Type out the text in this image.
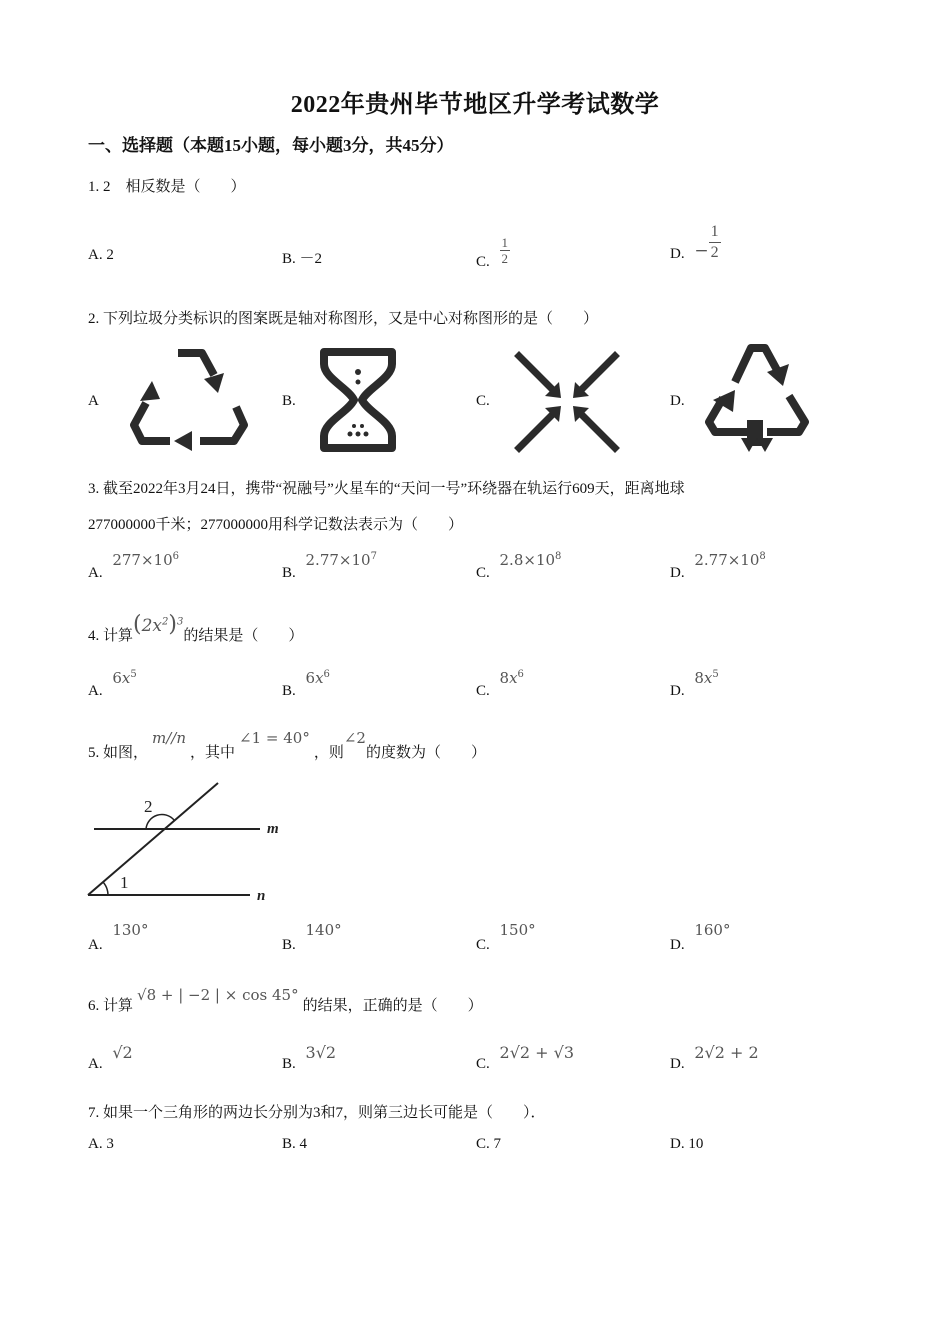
2022年贵州毕节地区升学考试数学
一、选择题（本题15小题，每小题3分，共45分）
1. 2　相反数是（　　）
A. 2	B. －2	C. $\frac{1}{2}$	D. − $\frac{1}{2}$
2. 下列垃圾分类标识的图案既是轴对称图形，又是中心对称图形的是（　　）
A	B.	C.	D.
3. 截至2022年3月24日，携带“祝融号”火星车的“天问一号”环绕器在轨运行609天，距离地球
277000000千米；277000000用科学记数法表示为（　　）
A. $277\times 10^6$
B. $2.77\times 10^7$
C. $2.8\times 10^8$
D. $2.77\times 10^8$
4. 计算$(2x^2)^3$的结果是（　　）
A. $6x^5$
B. $6x^6$
C. $8x^6$
D. $8x^5$
5. 如图，m//n，其中∠1 = 40°，则∠2的度数为（　　）
1
2
m
n
A. 130°
B. 140°
C. 150°
D. 160°
6. 计算√8 + | −2 | × cos 45°的结果，正确的是（　　）
A. √2
B. 3√2
C. 2√2 + √3
D. 2√2 + 2
7. 如果一个三角形的两边长分别为3和7，则第三边长可能是（　　）．
A. 3	B. 4	C. 7	D. 10
